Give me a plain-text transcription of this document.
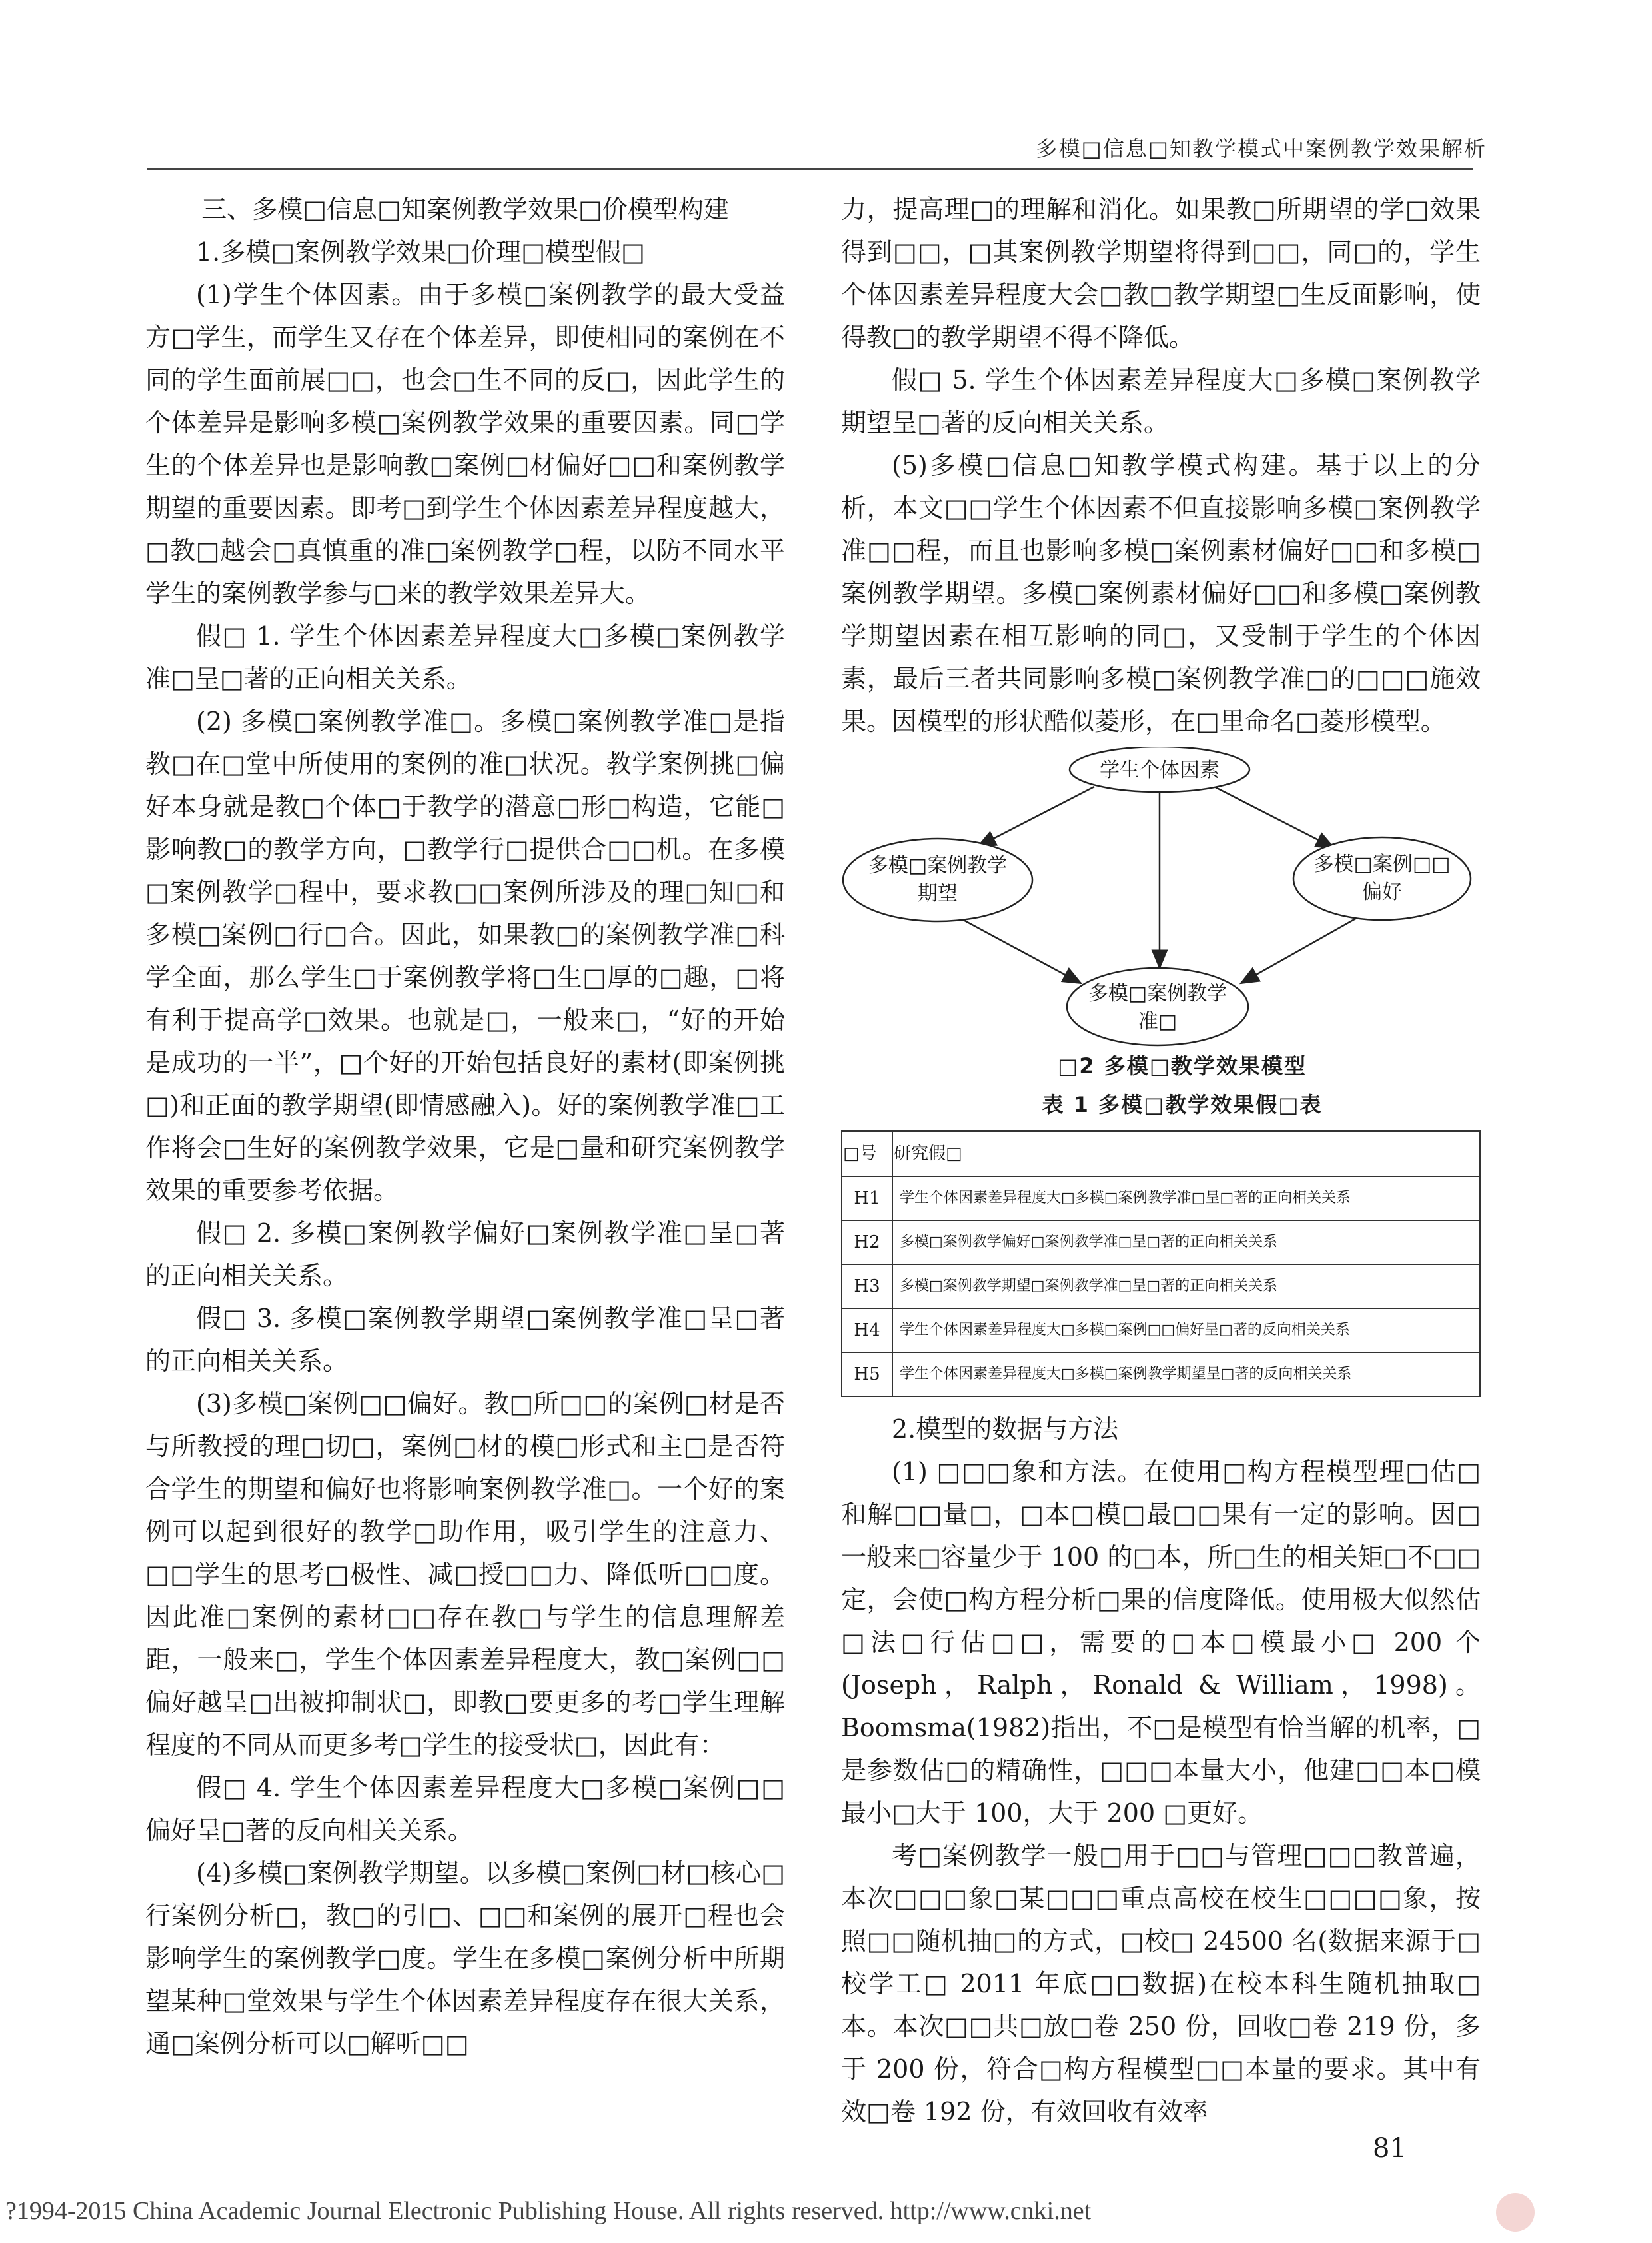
多模□信息□知教学模式中案例教学效果解析

三、多模□信息□知案例教学效果□价模型构建

1.多模□案例教学效果□价理□模型假□

(1)学生个体因素。由于多模□案例教学的最大受益方□学生，而学生又存在个体差异，即使相同的案例在不同的学生面前展□□，也会□生不同的反□，因此学生的个体差异是影响多模□案例教学效果的重要因素。同□学生的个体差异也是影响教□案例□材偏好□□和案例教学期望的重要因素。即考□到学生个体因素差异程度越大，□教□越会□真慎重的准□案例教学□程，以防不同水平学生的案例教学参与□来的教学效果差异大。

假□ 1. 学生个体因素差异程度大□多模□案例教学准□呈□著的正向相关关系。

(2) 多模□案例教学准□。多模□案例教学准□是指教□在□堂中所使用的案例的准□状况。教学案例挑□偏好本身就是教□个体□于教学的潜意□形□构造，它能□影响教□的教学方向，□教学行□提供合□□机。在多模□案例教学□程中，要求教□□案例所涉及的理□知□和多模□案例□行□合。因此，如果教□的案例教学准□科学全面，那么学生□于案例教学将□生□厚的□趣，□将有利于提高学□效果。也就是□，一般来□，“好的开始是成功的一半”，□个好的开始包括良好的素材(即案例挑□)和正面的教学期望(即情感融入)。好的案例教学准□工作将会□生好的案例教学效果，它是□量和研究案例教学效果的重要参考依据。

假□ 2. 多模□案例教学偏好□案例教学准□呈□著的正向相关关系。

假□ 3. 多模□案例教学期望□案例教学准□呈□著的正向相关关系。

(3)多模□案例□□偏好。教□所□□的案例□材是否与所教授的理□切□，案例□材的模□形式和主□是否符合学生的期望和偏好也将影响案例教学准□。一个好的案例可以起到很好的教学□助作用，吸引学生的注意力、□□学生的思考□极性、减□授□□力、降低听□□度。因此准□案例的素材□□存在教□与学生的信息理解差距，一般来□，学生个体因素差异程度大，教□案例□□偏好越呈□出被抑制状□，即教□要更多的考□学生理解程度的不同从而更多考□学生的接受状□，因此有：

假□ 4. 学生个体因素差异程度大□多模□案例□□偏好呈□著的反向相关关系。

(4)多模□案例教学期望。以多模□案例□材□核心□行案例分析□，教□的引□、□□和案例的展开□程也会影响学生的案例教学□度。学生在多模□案例分析中所期望某种□堂效果与学生个体因素差异程度存在很大关系，通□案例分析可以□解听□□

力，提高理□的理解和消化。如果教□所期望的学□效果得到□□，□其案例教学期望将得到□□，同□的，学生个体因素差异程度大会□教□教学期望□生反面影响，使得教□的教学期望不得不降低。

假□ 5. 学生个体因素差异程度大□多模□案例教学期望呈□著的反向相关关系。

(5)多模□信息□知教学模式构建。基于以上的分析，本文□□学生个体因素不但直接影响多模□案例教学准□□程，而且也影响多模□案例素材偏好□□和多模□案例教学期望。多模□案例素材偏好□□和多模□案例教学期望因素在相互影响的同□，又受制于学生的个体因素，最后三者共同影响多模□案例教学准□的□□□施效果。因模型的形状酷似菱形，在□里命名□菱形模型。

学生个体因素
多模□案例教学
期望
多模□案例□□
偏好
多模□案例教学
准□

□2 多模□教学效果模型

表 1 多模□教学效果假□表

□号	研究假□
H1	学生个体因素差异程度大□多模□案例教学准□呈□著的正向相关关系
H2	多模□案例教学偏好□案例教学准□呈□著的正向相关关系
H3	多模□案例教学期望□案例教学准□呈□著的正向相关关系
H4	学生个体因素差异程度大□多模□案例□□偏好呈□著的反向相关关系
H5	学生个体因素差异程度大□多模□案例教学期望呈□著的反向相关关系

2.模型的数据与方法

(1) □□□象和方法。在使用□构方程模型理□估□和解□□量□，□本□模□最□□果有一定的影响。因□一般来□容量少于 100 的□本，所□生的相关矩□不□□定，会使□构方程分析□果的信度降低。使用极大似然估□法□行估□□，需要的□本□模最小□ 200 个 (Joseph，Ralph，Ronald & William，1998)。Boomsma(1982)指出，不□是模型有恰当解的机率，□是参数估□的精确性，□□□本量大小，他建□□本□模最小□大于 100，大于 200 □更好。

考□案例教学一般□用于□□与管理□□□教普遍，本次□□□象□某□□□重点高校在校生□□□□象，按照□□随机抽□的方式，□校□ 24500 名(数据来源于□校学工□ 2011 年底□□数据)在校本科生随机抽取□本。本次□□共□放□卷 250 份，回收□卷 219 份，多于 200 份，符合□构方程模型□□本量的要求。其中有效□卷 192 份，有效回收有效率

81
?1994-2015 China Academic Journal Electronic Publishing House. All rights reserved. http://www.cnki.net
